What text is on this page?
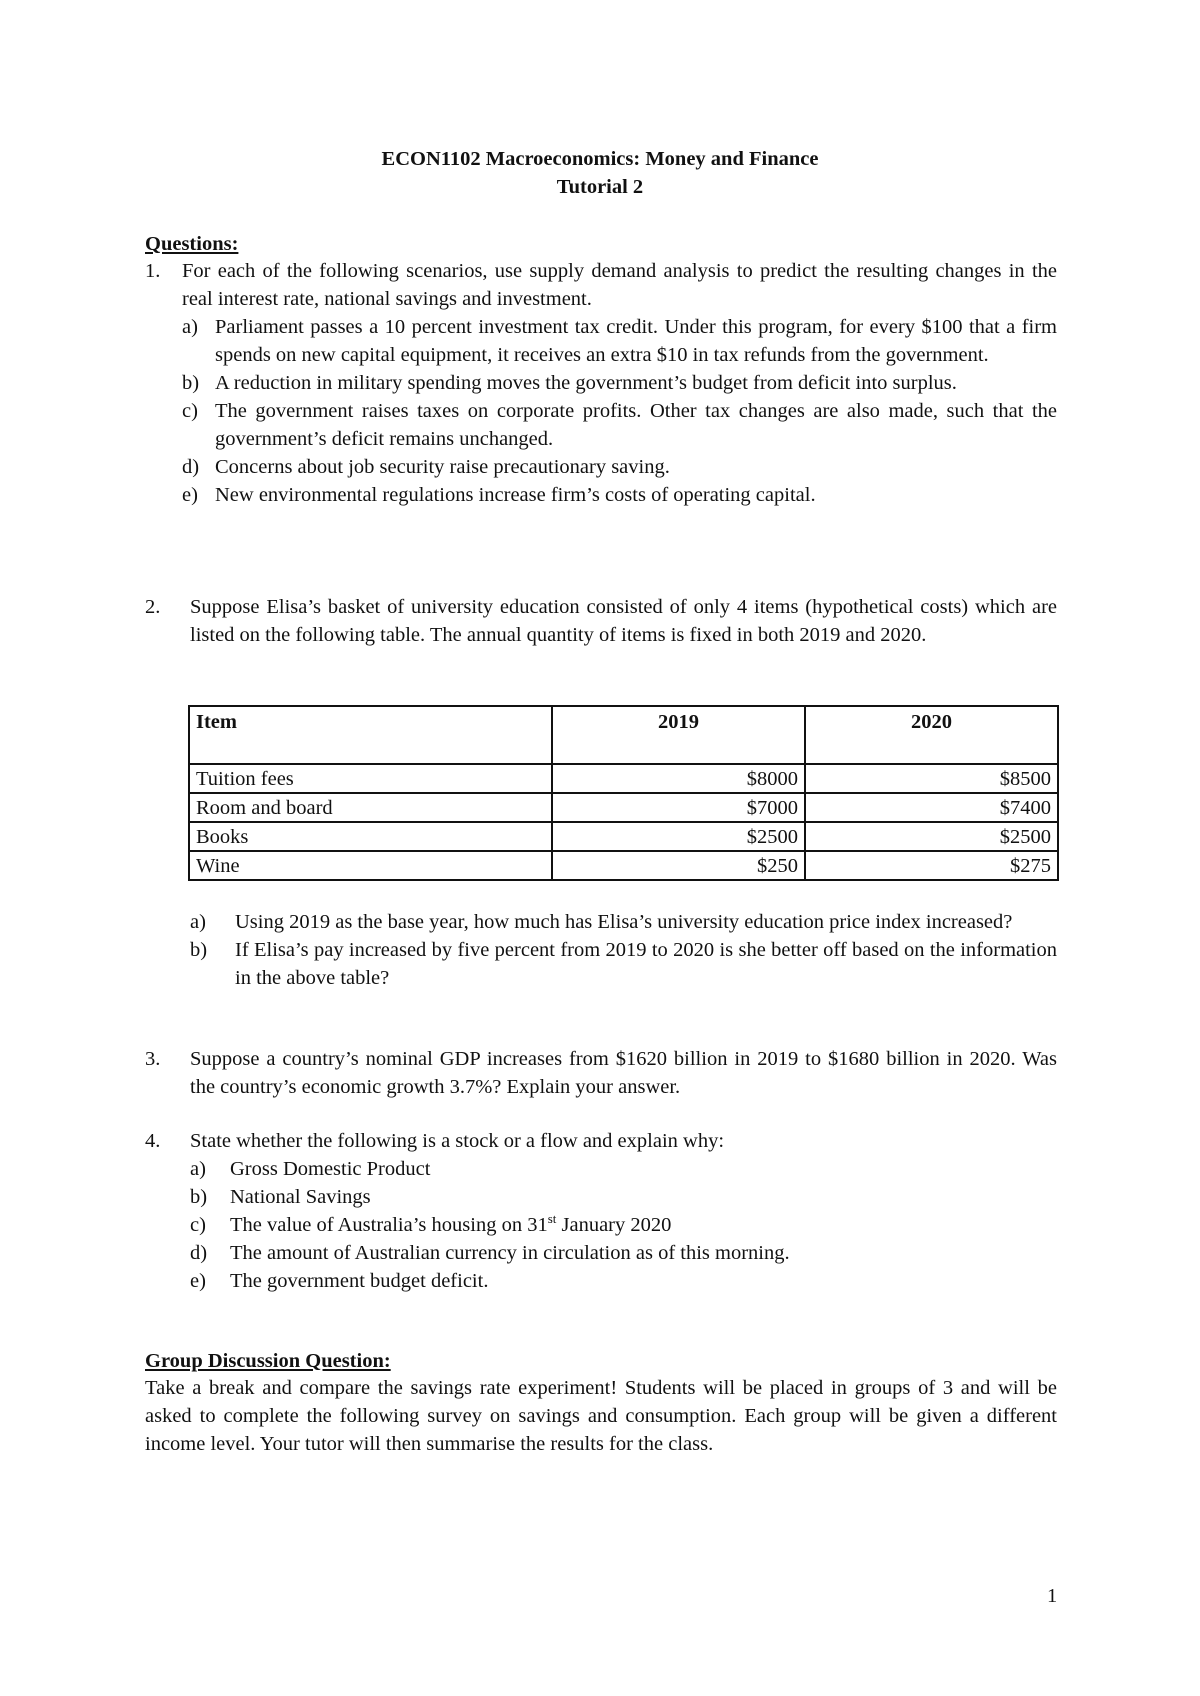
ECON1102 Macroeconomics: Money and Finance
Tutorial 2
Questions:
1. For each of the following scenarios, use supply demand analysis to predict the resulting changes in the real interest rate, national savings and investment.
a) Parliament passes a 10 percent investment tax credit. Under this program, for every $100 that a firm spends on new capital equipment, it receives an extra $10 in tax refunds from the government.
b) A reduction in military spending moves the government’s budget from deficit into surplus.
c) The government raises taxes on corporate profits. Other tax changes are also made, such that the government’s deficit remains unchanged.
d) Concerns about job security raise precautionary saving.
e) New environmental regulations increase firm’s costs of operating capital.
2. Suppose Elisa’s basket of university education consisted of only 4 items (hypothetical costs) which are listed on the following table. The annual quantity of items is fixed in both 2019 and 2020.
Item	2019	2020
Tuition fees	$8000	$8500
Room and board	$7000	$7400
Books	$2500	$2500
Wine	$250	$275
a) Using 2019 as the base year, how much has Elisa’s university education price index increased?
b) If Elisa’s pay increased by five percent from 2019 to 2020 is she better off based on the information in the above table?
3. Suppose a country’s nominal GDP increases from $1620 billion in 2019 to $1680 billion in 2020. Was the country’s economic growth 3.7%? Explain your answer.
4. State whether the following is a stock or a flow and explain why:
a) Gross Domestic Product
b) National Savings
c) The value of Australia’s housing on 31st January 2020
d) The amount of Australian currency in circulation as of this morning.
e) The government budget deficit.
Group Discussion Question:
Take a break and compare the savings rate experiment! Students will be placed in groups of 3 and will be asked to complete the following survey on savings and consumption. Each group will be given a different income level. Your tutor will then summarise the results for the class.
1
